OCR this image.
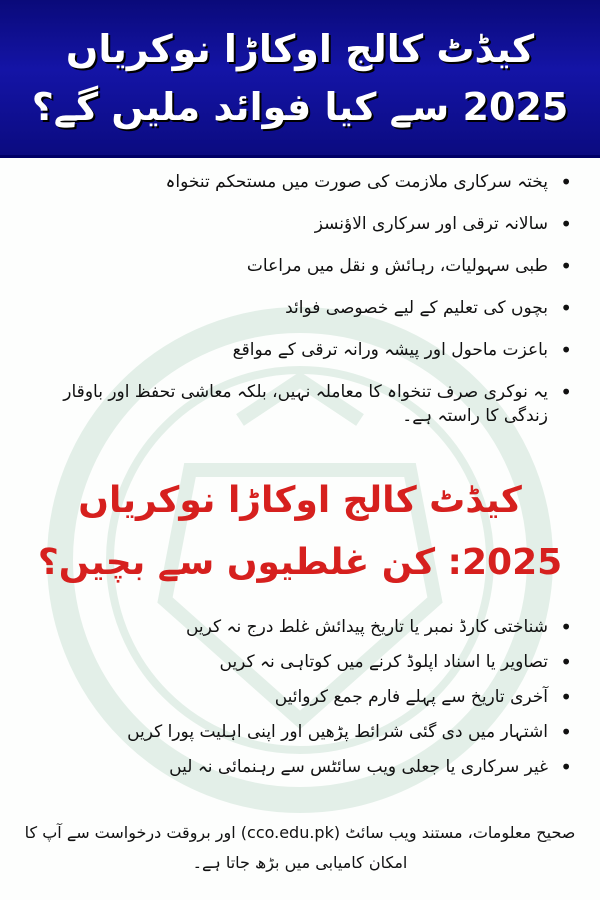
کیڈٹ کالج اوکاڑا نوکریاں 2025 سے کیا فوائد ملیں گے؟
• پختہ سرکاری ملازمت کی صورت میں مستحکم تنخواہ
• سالانہ ترقی اور سرکاری الاؤنسز
• طبی سہولیات، رہائش و نقل میں مراعات
• بچوں کی تعلیم کے لیے خصوصی فوائد
• باعزت ماحول اور پیشہ ورانہ ترقی کے مواقع
• یہ نوکری صرف تنخواہ کا معاملہ نہیں، بلکہ معاشی تحفظ اور باوقار زندگی کا راستہ ہے۔
کیڈٹ کالج اوکاڑا نوکریاں 2025: کن غلطیوں سے بچیں؟
• شناختی کارڈ نمبر یا تاریخ پیدائش غلط درج نہ کریں
• تصاویر یا اسناد اپلوڈ کرنے میں کوتاہی نہ کریں
• آخری تاریخ سے پہلے فارم جمع کروائیں
• اشتہار میں دی گئی شرائط پڑھیں اور اپنی اہلیت پورا کریں
• غیر سرکاری یا جعلی ویب سائٹس سے رہنمائی نہ لیں
صحیح معلومات، مستند ویب سائٹ (cco.edu.pk) اور بروقت درخواست سے آپ کا امکان کامیابی میں بڑھ جاتا ہے۔
